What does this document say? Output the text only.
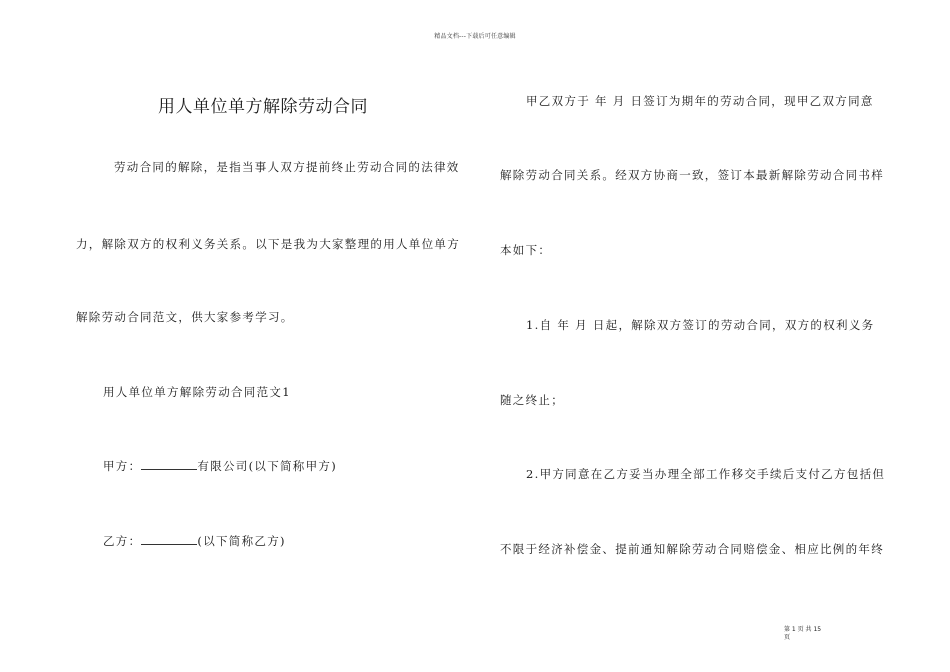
精品文档---下载后可任意编辑
用人单位单方解除劳动合同
劳动合同的解除，是指当事人双方提前终止劳动合同的法律效
力，解除双方的权利义务关系。以下是我为大家整理的用人单位单方
解除劳动合同范文，供大家参考学习。
用人单位单方解除劳动合同范文1
甲方：	有限公司(以下简称甲方)
乙方：	(以下简称乙方)
甲乙双方于 年 月 日签订为期年的劳动合同，现甲乙双方同意
解除劳动合同关系。经双方协商一致，签订本最新解除劳动合同书样
本如下：
1.自 年 月 日起，解除双方签订的劳动合同，双方的权利义务
随之终止；
2.甲方同意在乙方妥当办理全部工作移交手续后支付乙方包括但
不限于经济补偿金、提前通知解除劳动合同赔偿金、相应比例的年终
第 1 页 共 15
页
